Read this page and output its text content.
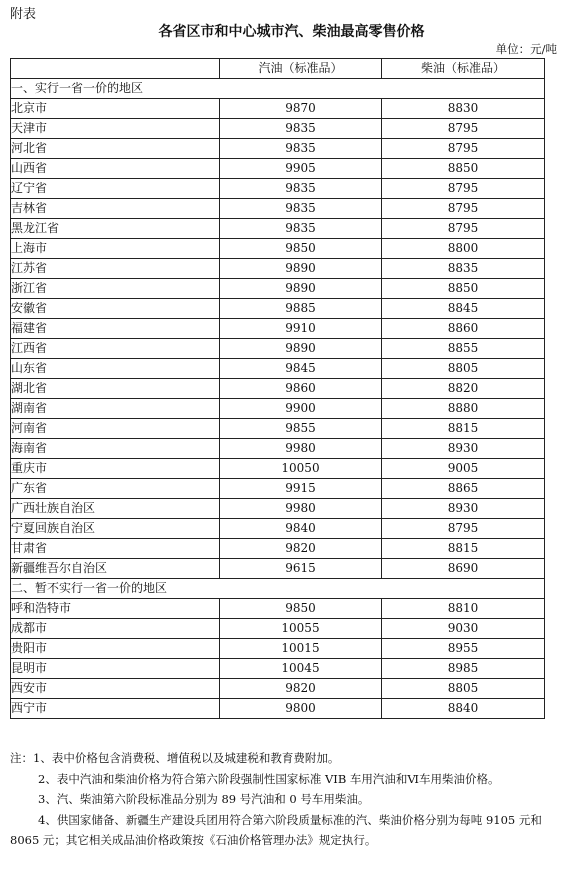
附表
各省区市和中心城市汽、柴油最高零售价格
单位：元/吨
	汽油（标准品）	柴油（标准品）
一、实行一省一价的地区		
北京市	9870	8830
天津市	9835	8795
河北省	9835	8795
山西省	9905	8850
辽宁省	9835	8795
吉林省	9835	8795
黑龙江省	9835	8795
上海市	9850	8800
江苏省	9890	8835
浙江省	9890	8850
安徽省	9885	8845
福建省	9910	8860
江西省	9890	8855
山东省	9845	8805
湖北省	9860	8820
湖南省	9900	8880
河南省	9855	8815
海南省	9980	8930
重庆市	10050	9005
广东省	9915	8865
广西壮族自治区	9980	8930
宁夏回族自治区	9840	8795
甘肃省	9820	8815
新疆维吾尔自治区	9615	8690
二、暂不实行一省一价的地区		
呼和浩特市	9850	8810
成都市	10055	9030
贵阳市	10015	8955
昆明市	10045	8985
西安市	9820	8805
西宁市	9800	8840

注：1、表中价格包含消费税、增值税以及城建税和教育费附加。

2、表中汽油和柴油价格为符合第六阶段强制性国家标准 VIB 车用汽油和Ⅵ车用柴油价格。

3、汽、柴油第六阶段标准品分别为 89 号汽油和 0 号车用柴油。

4、供国家储备、新疆生产建设兵团用符合第六阶段质量标准的汽、柴油价格分别为每吨 9105 元和 8065 元；其它相关成品油价格政策按《石油价格管理办法》规定执行。
